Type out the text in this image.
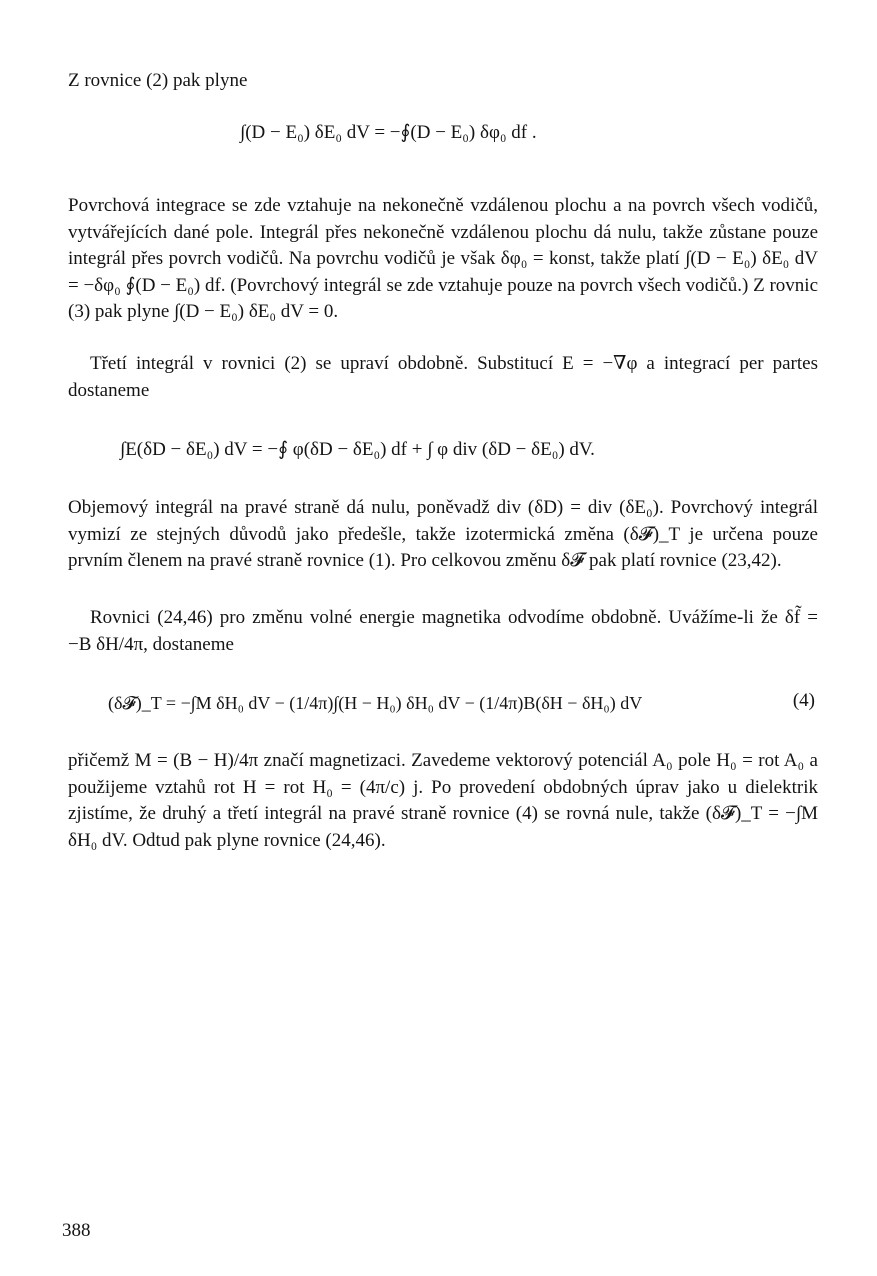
Z rovnice (2) pak plyne
∫(D − E₀) δE₀ dV = −∮(D − E₀) δφ₀ df .
Povrchová integrace se zde vztahuje na nekonečně vzdálenou plochu a na povrch všech vodičů, vytvářejících dané pole. Integrál přes nekonečně vzdálenou plochu dá nulu, takže zůstane pouze integrál přes povrch vodičů. Na povrchu vodičů je však δφ₀ = konst, takže platí ∫(D − E₀) δE₀ dV = −δφ₀ ∮(D − E₀) df. (Povrchový integrál se zde vztahuje pouze na povrch všech vodičů.) Z rovnic (3) pak plyne ∫(D − E₀) δE₀ dV = 0.
Třetí integrál v rovnici (2) se upraví obdobně. Substitucí E = −∇φ a integrací per partes dostaneme
∫E(δD − δE₀) dV = −∮ φ(δD − δE₀) df + ∫ φ div (δD − δE₀) dV.
Objemový integrál na pravé straně dá nulu, poněvadž div (δD) = div (δE₀). Povrchový integrál vymizí ze stejných důvodů jako předešle, takže izotermická změna (δ𝓕)_T je určena pouze prvním členem na pravé straně rovnice (1). Pro celkovou změnu δ𝓕 pak platí rovnice (23,42).
Rovnici (24,46) pro změnu volné energie magnetika odvodíme obdobně. Uvážíme-li že δf̃ = −B δH/4π, dostaneme
(δ𝓕)_T = −∫M δH₀ dV − (1/4π)∫(H − H₀) δH₀ dV − (1/4π)B(δH − δH₀) dV	(4)
přičemž M = (B − H)/4π značí magnetizaci. Zavedeme vektorový potenciál A₀ pole H₀ = rot A₀ a použijeme vztahů rot H = rot H₀ = (4π/c) j. Po provedení obdobných úprav jako u dielektrik zjistíme, že druhý a třetí integrál na pravé straně rovnice (4) se rovná nule, takže (δ𝓕)_T = −∫M δH₀ dV. Odtud pak plyne rovnice (24,46).
388
